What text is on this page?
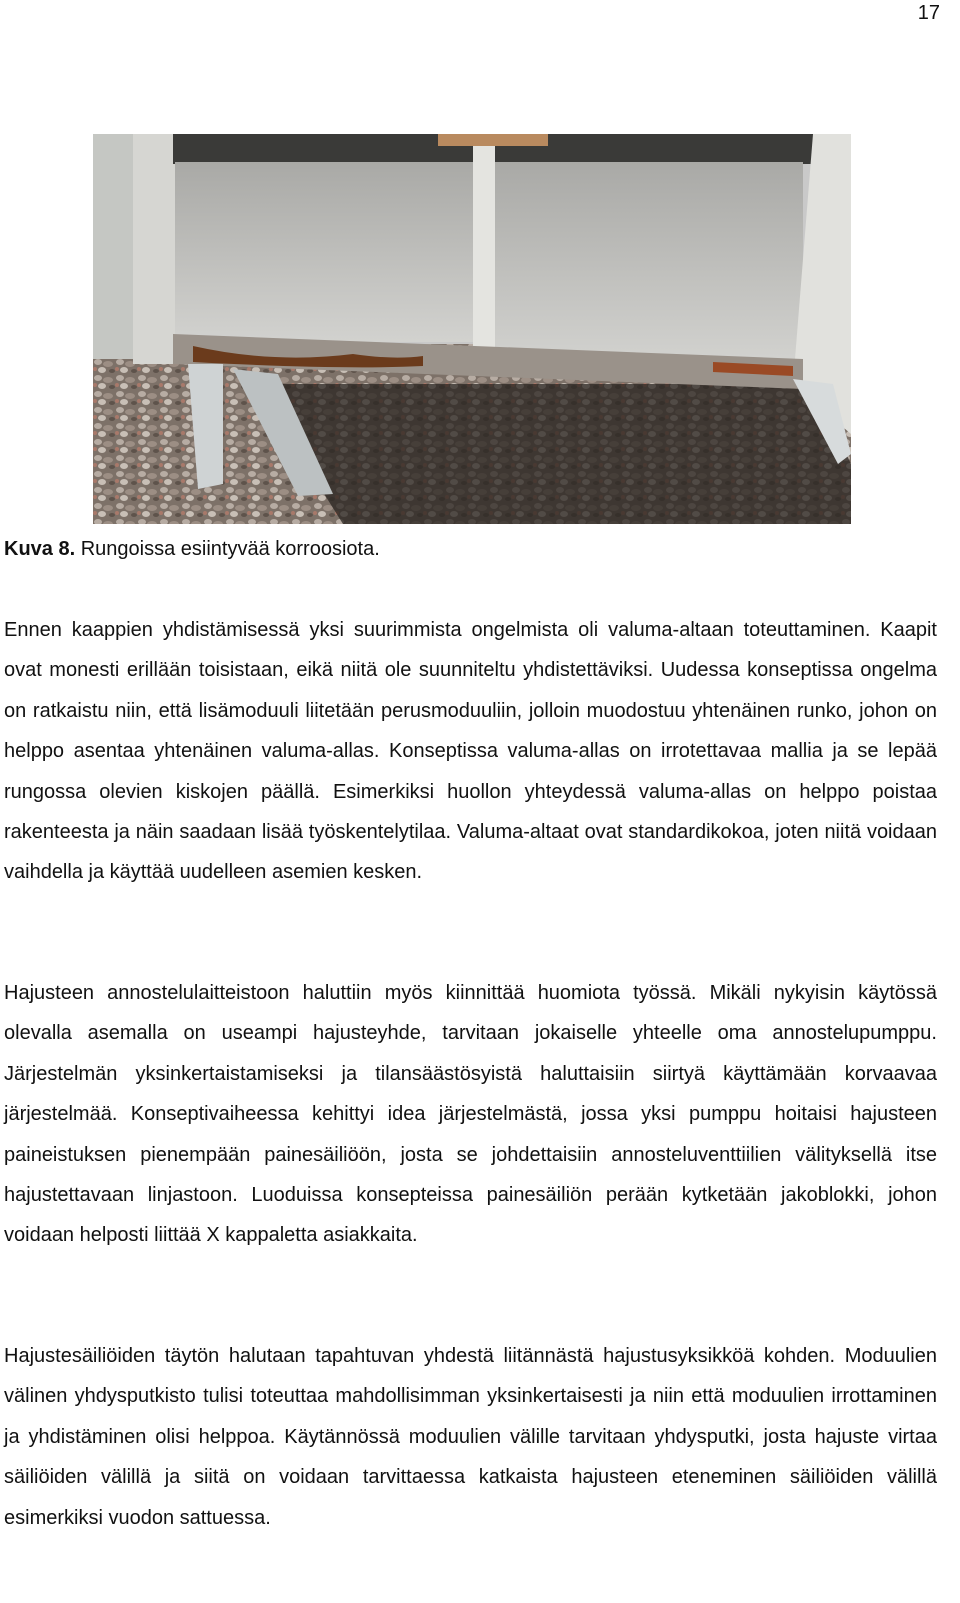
17

Kuva 8. Rungoissa esiintyvää korroosiota.

Ennen kaappien yhdistämisessä yksi suurimmista ongelmista oli valuma-altaan toteuttaminen. Kaapit ovat monesti erillään toisistaan, eikä niitä ole suunniteltu yhdistettäviksi. Uudessa konseptissa ongelma on ratkaistu niin, että lisämoduuli liitetään perusmoduuliin, jolloin muodostuu yhtenäinen runko, johon on helppo asentaa yhtenäinen valuma-allas. Konseptissa valuma-allas on irrotettavaa mallia ja se lepää rungossa olevien kiskojen päällä. Esimerkiksi huollon yhteydessä valuma-allas on helppo poistaa rakenteesta ja näin saadaan lisää työskentelytilaa. Valuma-altaat ovat standardikokoa, joten niitä voidaan vaihdella ja käyttää uudelleen asemien kesken.

Hajusteen annostelulaitteistoon haluttiin myös kiinnittää huomiota työssä. Mikäli nykyisin käytössä olevalla asemalla on useampi hajusteyhde, tarvitaan jokaiselle yhteelle oma annostelupumppu. Järjestelmän yksinkertaistamiseksi ja tilansäästösyistä haluttaisiin siirtyä käyttämään korvaavaa järjestelmää. Konseptivaiheessa kehittyi idea järjestelmästä, jossa yksi pumppu hoitaisi hajusteen paineistuksen pienempään painesäiliöön, josta se johdettaisiin annosteluventtiilien välityksellä itse hajustettavaan linjastoon. Luoduissa konsepteissa painesäiliön perään kytketään jakoblokki, johon voidaan helposti liittää X kappaletta asiakkaita.

Hajustesäiliöiden täytön halutaan tapahtuvan yhdestä liitännästä hajustusyksikköä kohden. Moduulien välinen yhdysputkisto tulisi toteuttaa mahdollisimman yksinkertaisesti ja niin että moduulien irrottaminen ja yhdistäminen olisi helppoa. Käytännössä moduulien välille tarvitaan yhdysputki, josta hajuste virtaa säiliöiden välillä ja siitä on voidaan tarvittaessa katkaista hajusteen eteneminen säiliöiden välillä esimerkiksi vuodon sattuessa.
